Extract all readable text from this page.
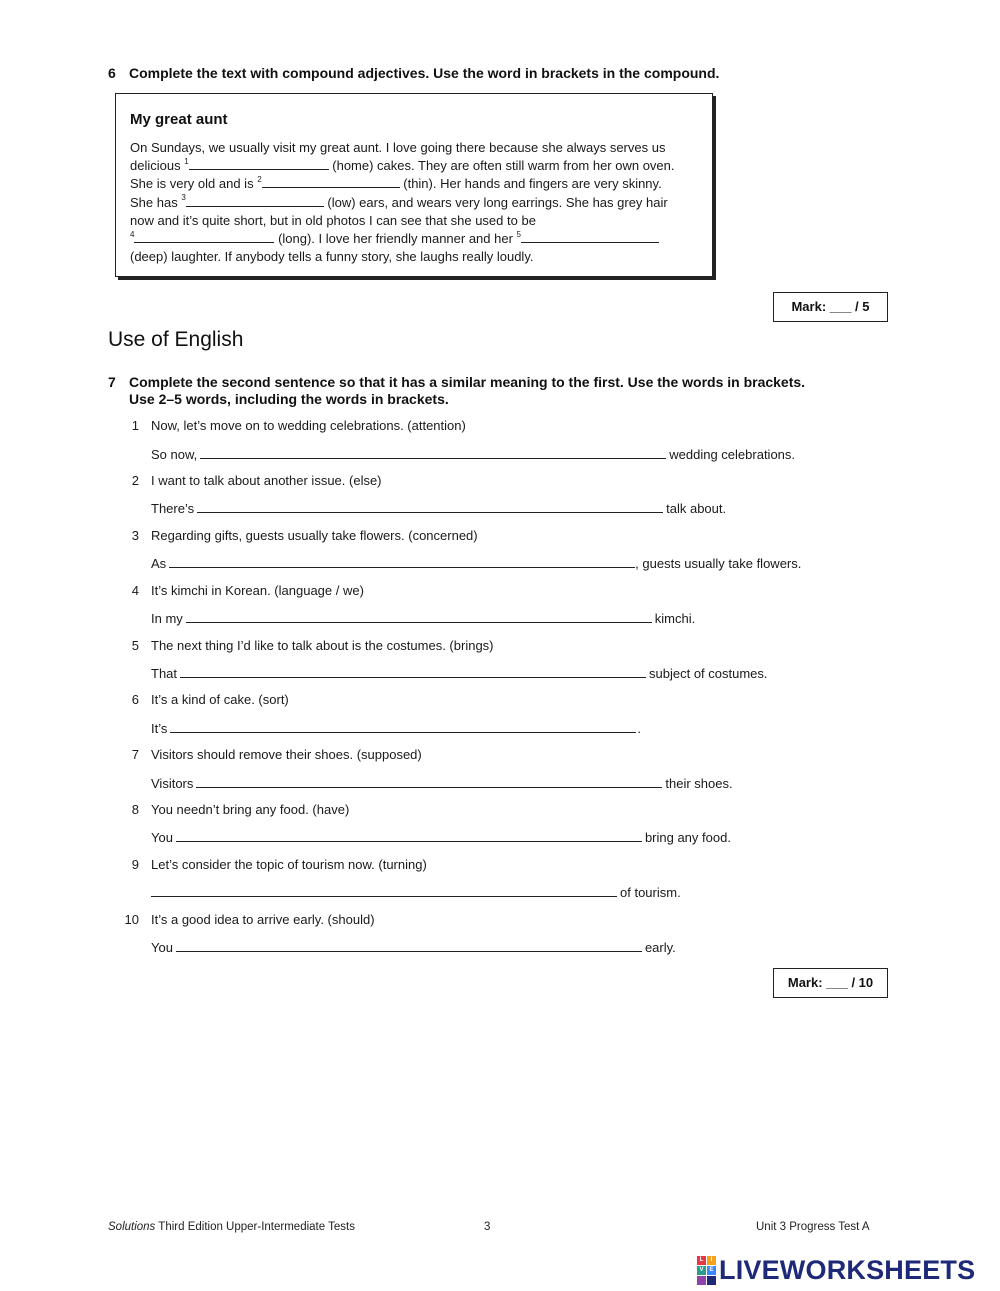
6 Complete the text with compound adjectives. Use the word in brackets in the compound.
My great aunt
On Sundays, we usually visit my great aunt. I love going there because she always serves us
delicious $^1$	(home) cakes. They are often still warm from her own oven.
She is very old and is $^2$	(thin). Her hands and fingers are very skinny.
She has $^3$	(low) ears, and wears very long earrings. She has grey hair
now and it’s quite short, but in old photos I can see that she used to be
$^4$	(long). I love her friendly manner and her $^5$
(deep) laughter. If anybody tells a funny story, she laughs really loudly.
Mark: ___ / 5
Use of English
7 Complete the second sentence so that it has a similar meaning to the first. Use the words in brackets.
Use 2–5 words, including the words in brackets.
1 Now, let’s move on to wedding celebrations. (attention)
So now,	wedding celebrations.
2 I want to talk about another issue. (else)
There’s	talk about.
3 Regarding gifts, guests usually take flowers. (concerned)
As	, guests usually take flowers.
4 It’s kimchi in Korean. (language / we)
In my	kimchi.
5 The next thing I’d like to talk about is the costumes. (brings)
That	subject of costumes.
6 It’s a kind of cake. (sort)
It’s	.
7 Visitors should remove their shoes. (supposed)
Visitors	their shoes.
8 You needn’t bring any food. (have)
You	bring any food.
9 Let’s consider the topic of tourism now. (turning)
of tourism.
10 It’s a good idea to arrive early. (should)
You	early.
Mark: ___ / 10
Solutions Third Edition Upper-Intermediate Tests	3	Unit 3 Progress Test A
L	I
V E LIVEWORKSHEETS
